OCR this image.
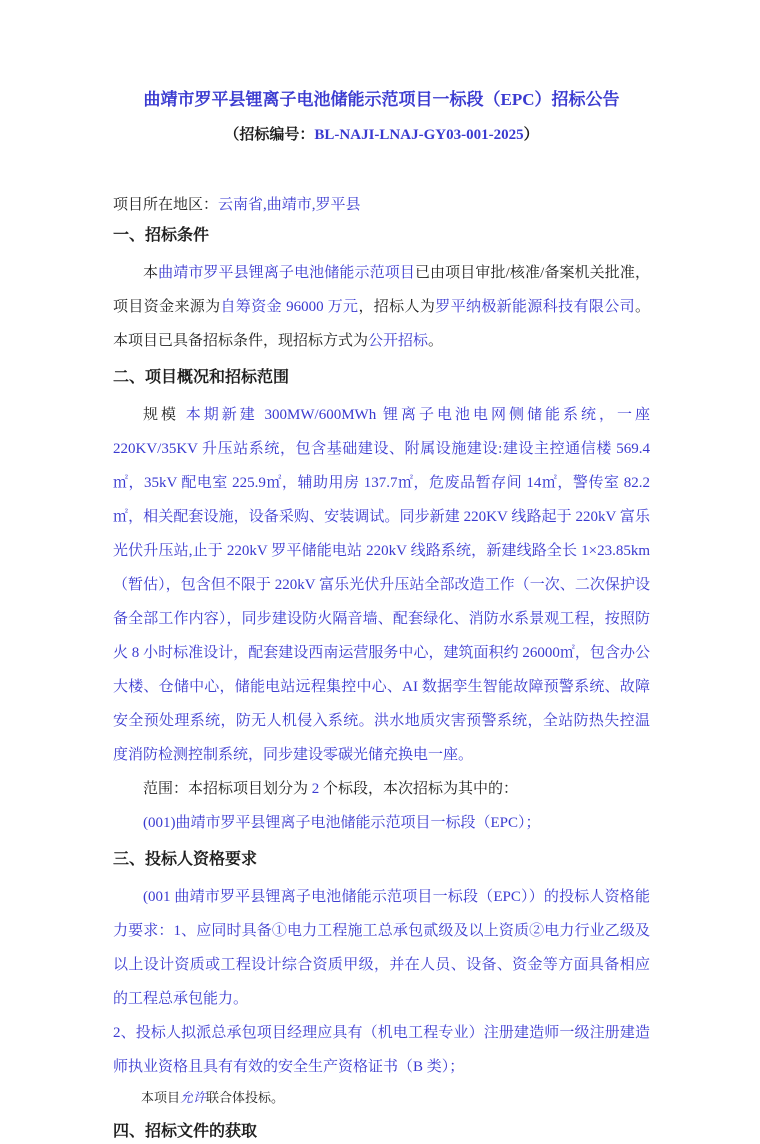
曲靖市罗平县锂离子电池储能示范项目一标段（EPC）招标公告
（招标编号：BL-NAJI-LNAJ-GY03-001-2025）

项目所在地区：云南省,曲靖市,罗平县

一、招标条件

本曲靖市罗平县锂离子电池储能示范项目已由项目审批/核准/备案机关批准，项目资金来源为自筹资金 96000 万元，招标人为罗平纳极新能源科技有限公司。本项目已具备招标条件，现招标方式为公开招标。

二、项目概况和招标范围

规模 本期新建 300MW/600MWh 锂离子电池电网侧储能系统，一座 220KV/35KV 升压站系统，包含基础建设、附属设施建设:建设主控通信楼 569.4㎡，35kV 配电室 225.9㎡，辅助用房 137.7㎡，危废品暂存间 14㎡，警传室 82.2㎡，相关配套设施，设备采购、安装调试。同步新建 220KV 线路起于 220kV 富乐光伏升压站,止于 220kV 罗平储能电站 220kV 线路系统，新建线路全长 1×23.85km（暂估），包含但不限于 220kV 富乐光伏升压站全部改造工作（一次、二次保护设备全部工作内容），同步建设防火隔音墙、配套绿化、消防水系景观工程，按照防火 8 小时标准设计，配套建设西南运营服务中心，建筑面积约 26000㎡，包含办公大楼、仓储中心，储能电站远程集控中心、AI 数据孪生智能故障预警系统、故障安全预处理系统，防无人机侵入系统。洪水地质灾害预警系统，全站防热失控温度消防检测控制系统，同步建设零碳光储充换电一座。

范围：本招标项目划分为 2 个标段，本次招标为其中的：

(001)曲靖市罗平县锂离子电池储能示范项目一标段（EPC）；

三、投标人资格要求

(001 曲靖市罗平县锂离子电池储能示范项目一标段（EPC））的投标人资格能力要求：1、应同时具备①电力工程施工总承包贰级及以上资质②电力行业乙级及以上设计资质或工程设计综合资质甲级，并在人员、设备、资金等方面具备相应的工程总承包能力。

2、投标人拟派总承包项目经理应具有（机电工程专业）注册建造师一级注册建造师执业资格且具有有效的安全生产资格证书（B 类）；

本项目允许联合体投标。

四、招标文件的获取
